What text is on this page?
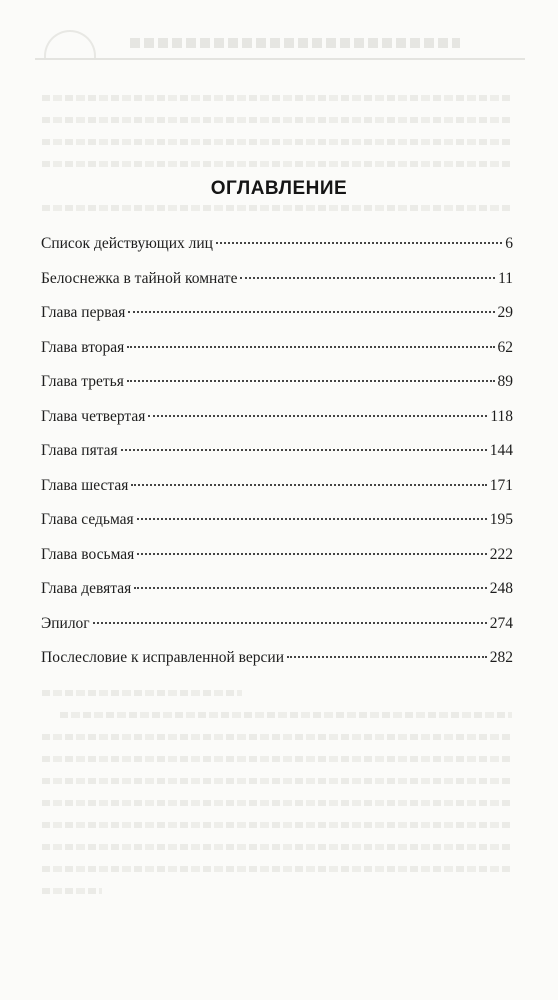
ОГЛАВЛЕНИЕ
Список действующих лиц	6
Белоснежка в тайной комнате	11
Глава первая	29
Глава вторая	62
Глава третья	89
Глава четвертая	118
Глава пятая	144
Глава шестая	171
Глава седьмая	195
Глава восьмая	222
Глава девятая	248
Эпилог	274
Послесловие к исправленной версии	282
